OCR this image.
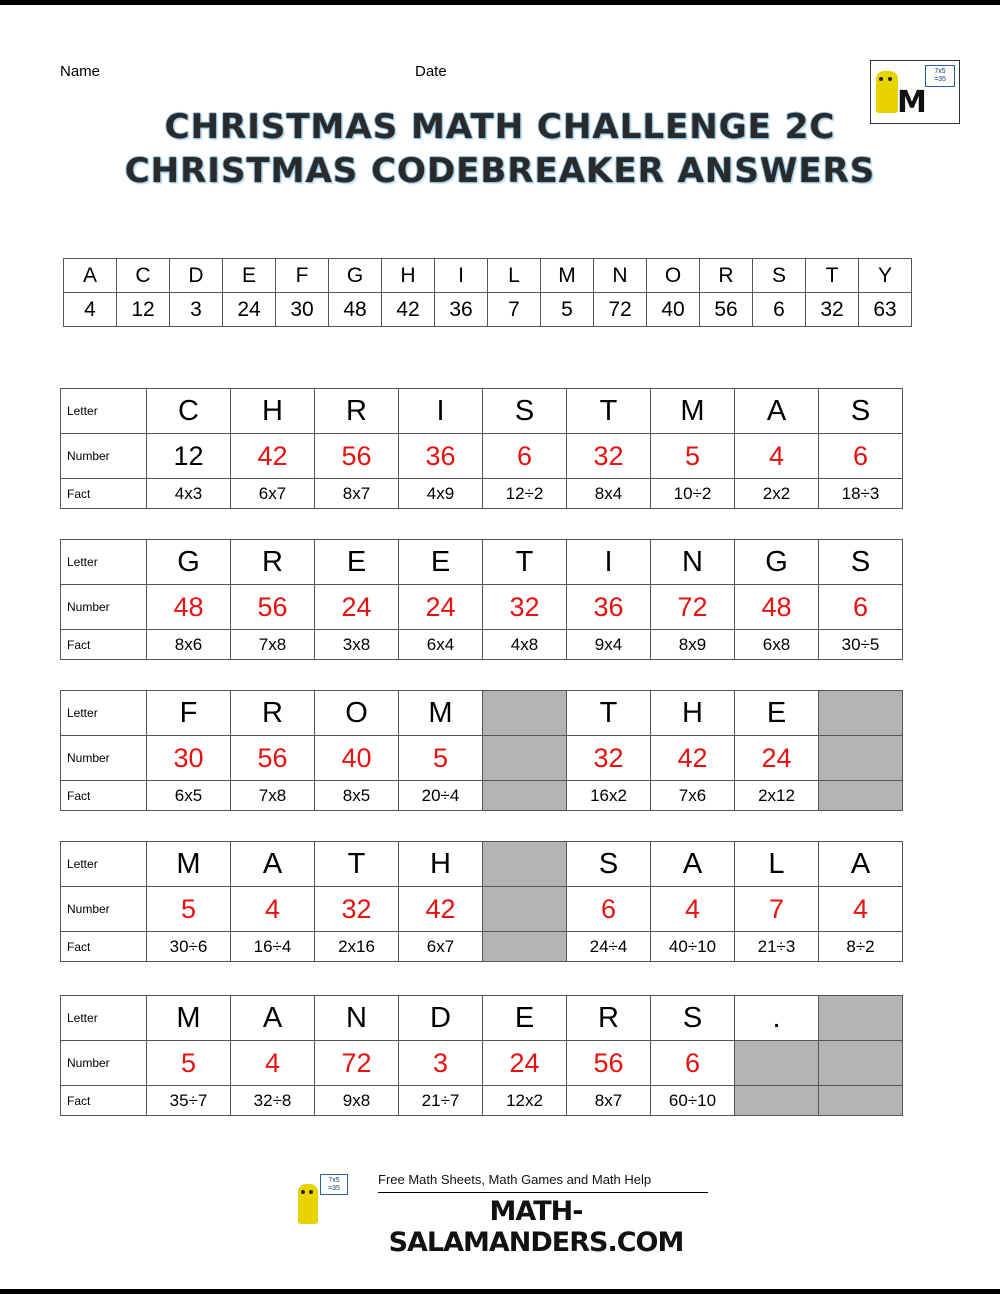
Name	Date	7x5
=35
M
CHRISTMAS MATH CHALLENGE 2C
CHRISTMAS CODEBREAKER ANSWERS
A	C	D	E	F	G	H	I	L	M	N	O	R	S	T	Y
4	12	3	24	30	48	42	36	7	5	72	40	56	6	32	63
Letter	C	H	R	I	S	T	M	A	S
Number	12	42	56	36	6	32	5	4	6
Fact	4x3	6x7	8x7	4x9	12÷2	8x4	10÷2	2x2	18÷3
Letter	G	R	E	E	T	I	N	G	S
Number	48	56	24	24	32	36	72	48	6
Fact	8x6	7x8	3x8	6x4	4x8	9x4	8x9	6x8	30÷5
Letter	F	R	O	M		T	H	E	
Number	30	56	40	5		32	42	24	
Fact	6x5	7x8	8x5	20÷4		16x2	7x6	2x12	
Letter	M	A	T	H		S	A	L	A
Number	5	4	32	42		6	4	7	4
Fact	30÷6	16÷4	2x16	6x7		24÷4	40÷10	21÷3	8÷2
Letter	M	A	N	D	E	R	S	.	
Number	5	4	72	3	24	56	6		
Fact	35÷7	32÷8	9x8	21÷7	12x2	8x7	60÷10		
7x5
=35
Free Math Sheets, Math Games and Math Help
MATH-SALAMANDERS.COM
